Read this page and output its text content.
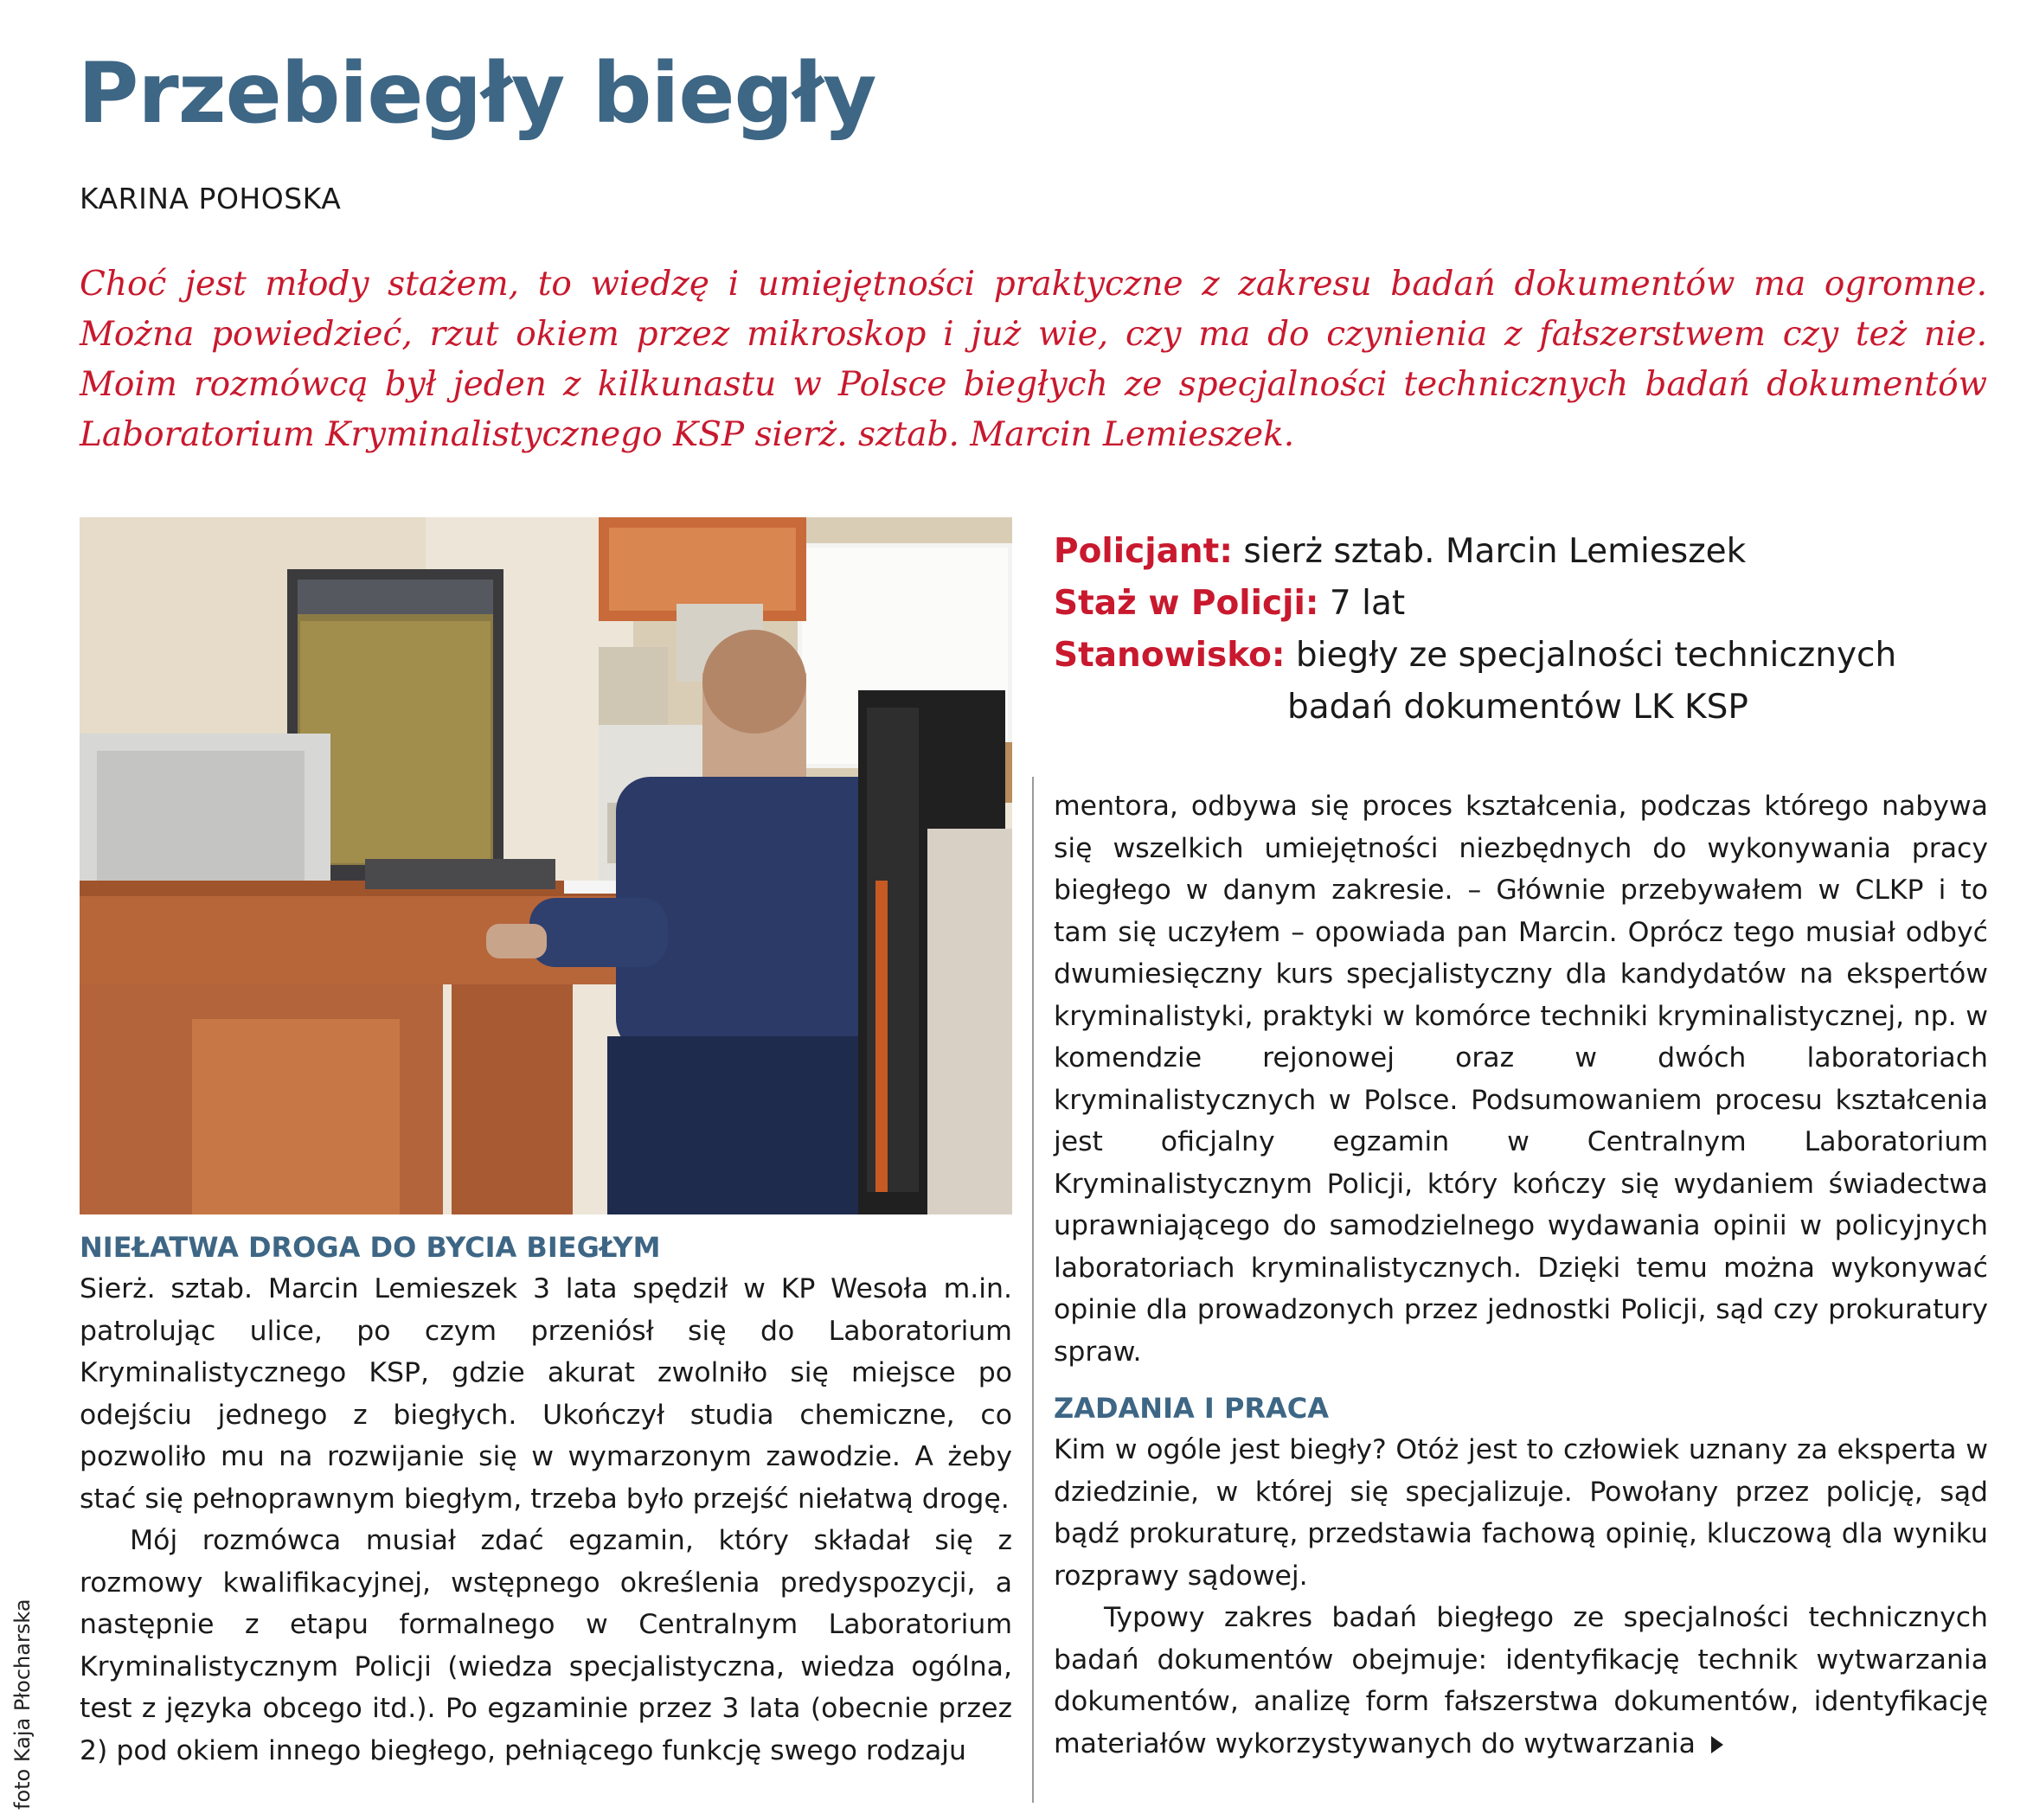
Przebiegły biegły
KARINA POHOSKA

Choć jest młody stażem, to wiedzę i umiejętności praktyczne z zakresu badań dokumentów ma ogromne. Można powiedzieć, rzut okiem przez mikroskop i już wie, czy ma do czynienia z fałszerstwem czy też nie. Moim rozmówcą był jeden z kilkunastu w Polsce biegłych ze specjalności technicznych badań dokumentów Laboratorium Kryminalistycznego KSP sierż. sztab. Marcin Lemieszek.

foto Kaja Płocharska
Policjant: sierż sztab. Marcin Lemieszek
Staż w Policji: 7 lat
Stanowisko: biegły ze specjalności technicznych
badań dokumentów LK KSP
NIEŁATWA DROGA DO BYCIA BIEGŁYM

Sierż. sztab. Marcin Lemieszek 3 lata spędził w KP Wesoła m.in. patrolując ulice, po czym przeniósł się do Laboratorium Kryminalistycznego KSP, gdzie akurat zwolniło się miejsce po odejściu jednego z biegłych. Ukończył studia chemiczne, co pozwoliło mu na rozwijanie się w wymarzonym zawodzie. A żeby stać się pełnoprawnym biegłym, trzeba było przejść niełatwą drogę.

Mój rozmówca musiał zdać egzamin, który składał się z rozmowy kwalifikacyjnej, wstępnego określenia predyspozycji, a następnie z etapu formalnego w Centralnym Laboratorium Kryminalistycznym Policji (wiedza specjalistyczna, wiedza ogólna, test z języka obcego itd.). Po egzaminie przez 3 lata (obecnie przez 2) pod okiem innego biegłego, pełniącego funkcję swego rodzaju

mentora, odbywa się proces kształcenia, podczas którego nabywa się wszelkich umiejętności niezbędnych do wykonywania pracy biegłego w danym zakresie. – Głównie przebywałem w CLKP i to tam się uczyłem – opowiada pan Marcin. Oprócz tego musiał odbyć dwumiesięczny kurs specjalistyczny dla kandydatów na ekspertów kryminalistyki, praktyki w komórce techniki kryminalistycznej, np. w komendzie rejonowej oraz w dwóch laboratoriach kryminalistycznych w Polsce. Podsumowaniem procesu kształcenia jest oficjalny egzamin w Centralnym Laboratorium Kryminalistycznym Policji, który kończy się wydaniem świadectwa uprawniającego do samodzielnego wydawania opinii w policyjnych laboratoriach kryminalistycznych. Dzięki temu można wykonywać opinie dla prowadzonych przez jednostki Policji, sąd czy prokuratury spraw.

ZADANIA I PRACA

Kim w ogóle jest biegły? Otóż jest to człowiek uznany za eksperta w dziedzinie, w której się specjalizuje. Powołany przez policję, sąd bądź prokuraturę, przedstawia fachową opinię, kluczową dla wyniku rozprawy sądowej.

Typowy zakres badań biegłego ze specjalności technicznych badań dokumentów obejmuje: identyfikację technik wytwarzania dokumentów, analizę form fałszerstwa dokumentów, identyfikację materiałów wykorzystywanych do wytwarzania
